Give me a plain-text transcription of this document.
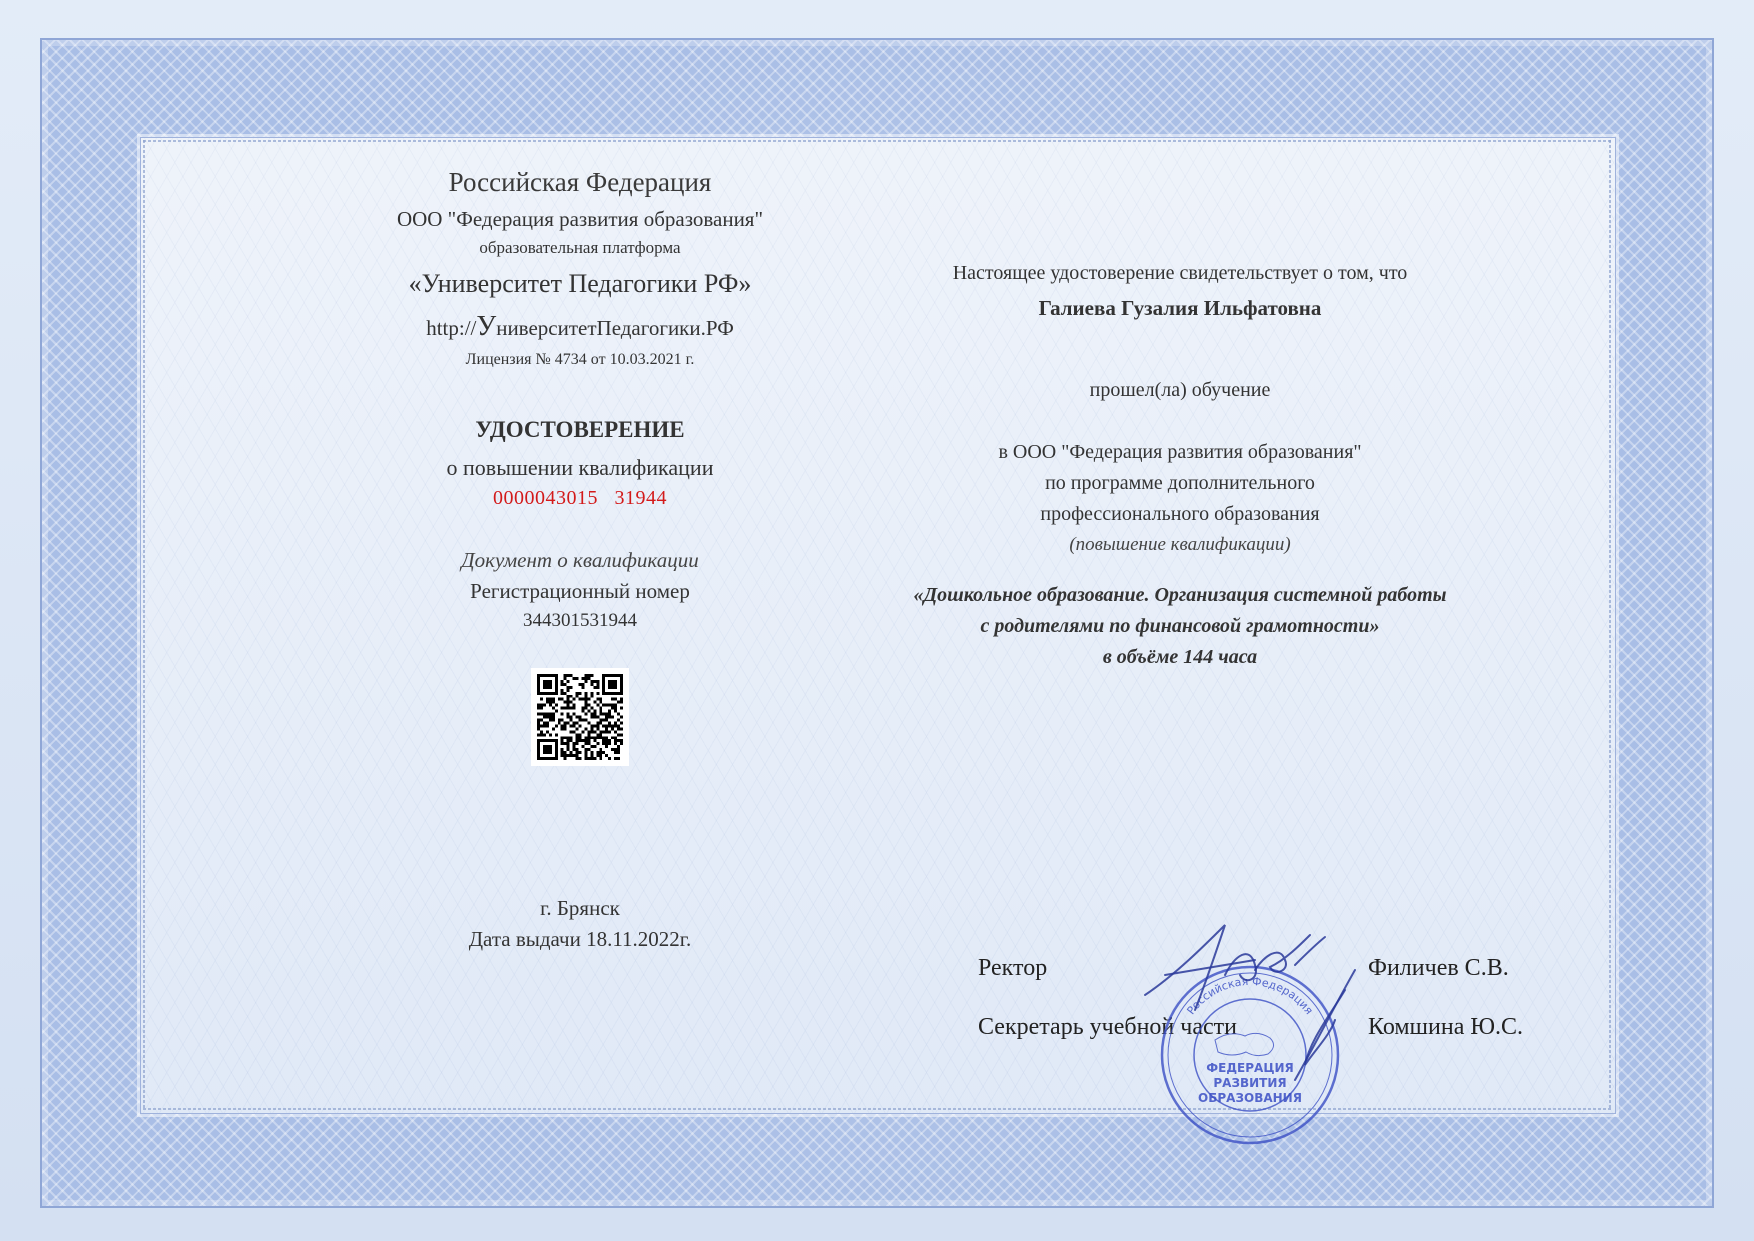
Российская Федерация
ООО "Федерация развития образования"
образовательная платформа
«Университет Педагогики РФ»
http://УниверситетПедагогики.РФ
Лицензия № 4734 от 10.03.2021 г.
УДОСТОВЕРЕНИЕ
о повышении квалификации
0000043015   31944
Документ о квалификации
Регистрационный номер
344301531944
г. Брянск
Дата выдачи 18.11.2022г.
Настоящее удостоверение свидетельствует о том, что
Галиева Гузалия Ильфатовна
прошел(ла) обучение
в ООО "Федерация развития образования"
по программе дополнительного
профессионального образования
(повышение квалификации)
«Дошкольное образование. Организация системной работы
с родителями по финансовой грамотности»
в объёме 144 часа
Ректор	Филичев С.В.
Секретарь учебной части	Комшина Ю.С.
Российская Федерация
ФЕДЕРАЦИЯ
РАЗВИТИЯ
ОБРАЗОВАНИЯ
